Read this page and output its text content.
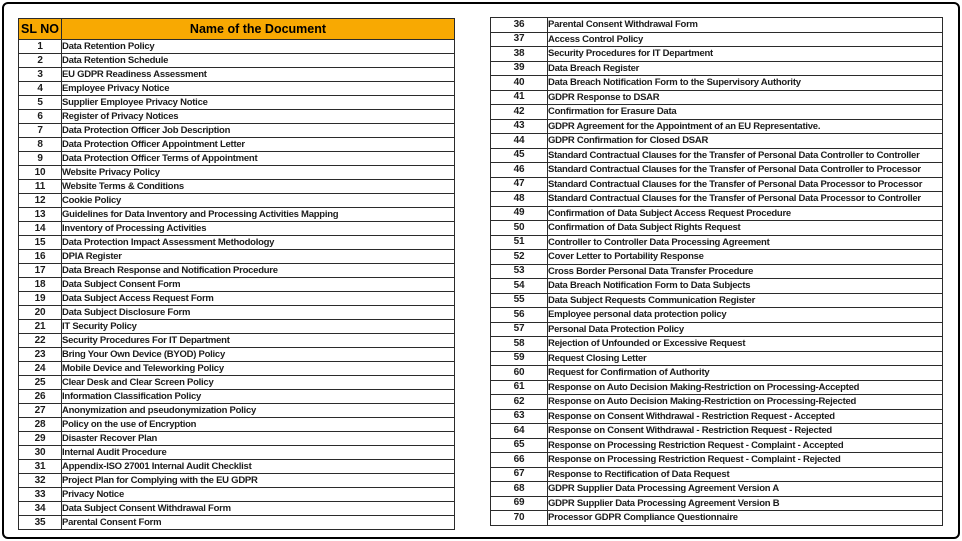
SL NO	Name of the Document
1	Data Retention Policy
2	Data Retention Schedule
3	EU GDPR Readiness Assessment
4	Employee Privacy Notice
5	Supplier Employee Privacy Notice
6	Register of Privacy Notices
7	Data Protection Officer Job Description
8	Data Protection Officer Appointment Letter
9	Data Protection Officer Terms of Appointment
10	Website Privacy Policy
11	Website Terms & Conditions
12	Cookie Policy
13	Guidelines for Data Inventory and Processing Activities Mapping
14	Inventory of Processing Activities
15	Data Protection Impact Assessment Methodology
16	DPIA Register
17	Data Breach Response and Notification Procedure
18	Data Subject Consent Form
19	Data Subject Access Request Form
20	Data Subject Disclosure Form
21	IT Security Policy
22	Security Procedures For IT Department
23	Bring Your Own Device (BYOD) Policy
24	Mobile Device and Teleworking Policy
25	Clear Desk and Clear Screen Policy
26	Information Classification Policy
27	Anonymization and pseudonymization Policy
28	Policy on the use of Encryption
29	Disaster Recover Plan
30	Internal Audit Procedure
31	Appendix-ISO 27001 Internal Audit Checklist
32	Project Plan for Complying with the EU GDPR
33	Privacy Notice
34	Data Subject Consent Withdrawal Form
35	Parental Consent Form
36	Parental Consent Withdrawal Form
37	Access Control Policy
38	Security Procedures for IT Department
39	Data Breach Register
40	Data Breach Notification Form to the Supervisory Authority
41	GDPR Response to DSAR
42	Confirmation for Erasure Data
43	GDPR Agreement for the Appointment of an EU Representative.
44	GDPR Confirmation for Closed DSAR
45	Standard Contractual Clauses for the Transfer of Personal Data Controller to Controller
46	Standard Contractual Clauses for the Transfer of Personal Data Controller to Processor
47	Standard Contractual Clauses for the Transfer of Personal Data Processor to Processor
48	Standard Contractual Clauses for the Transfer of Personal Data Processor to Controller
49	Confirmation of Data Subject Access Request Procedure
50	Confirmation of Data Subject Rights Request
51	Controller to Controller Data Processing Agreement
52	Cover Letter to Portability Response
53	Cross Border Personal Data Transfer Procedure
54	Data Breach Notification Form to Data Subjects
55	Data Subject Requests Communication Register
56	Employee personal data protection policy
57	Personal Data Protection Policy
58	Rejection of Unfounded or Excessive Request
59	Request Closing Letter
60	Request for Confirmation of Authority
61	Response on Auto Decision Making-Restriction on Processing-Accepted
62	Response on Auto Decision Making-Restriction on Processing-Rejected
63	Response on Consent Withdrawal - Restriction Request - Accepted
64	Response on Consent Withdrawal - Restriction Request - Rejected
65	Response on Processing Restriction Request - Complaint - Accepted
66	Response on Processing Restriction Request - Complaint - Rejected
67	Response to Rectification of Data Request
68	GDPR Supplier Data Processing Agreement Version A
69	GDPR Supplier Data Processing Agreement Version B
70	Processor GDPR Compliance Questionnaire
